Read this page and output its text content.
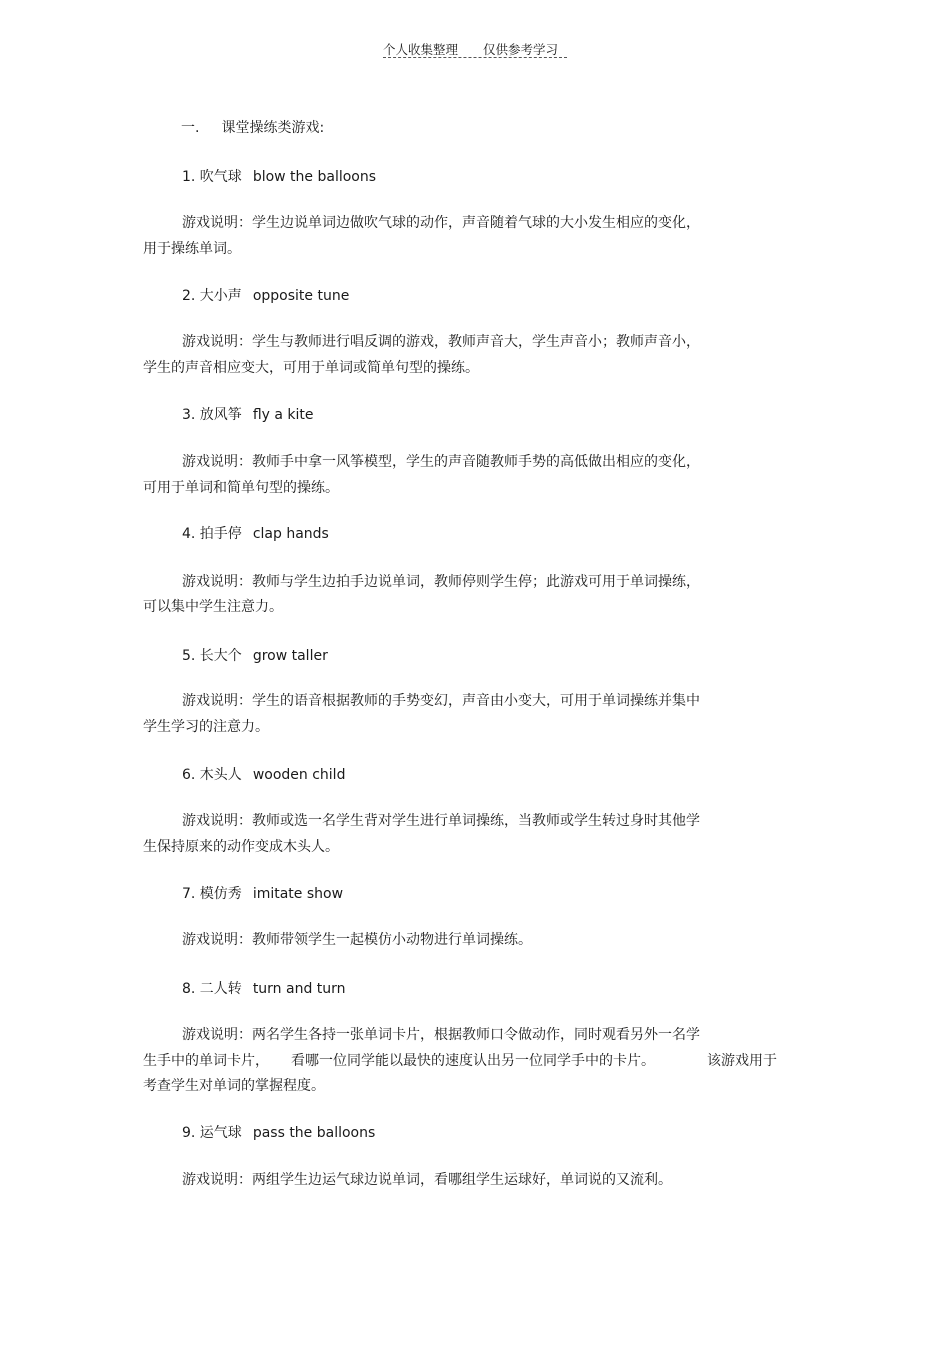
个人收集整理 仅供参考学习
一. 课堂操练类游戏:
1. 吹气球 blow the balloons
游戏说明：学生边说单词边做吹气球的动作，声音随着气球的大小发生相应的变化，
用于操练单词。
2. 大小声 opposite tune
游戏说明：学生与教师进行唱反调的游戏，教师声音大，学生声音小；教师声音小，
学生的声音相应变大，可用于单词或简单句型的操练。
3. 放风筝 fly a kite
游戏说明：教师手中拿一风筝模型，学生的声音随教师手势的高低做出相应的变化，
可用于单词和简单句型的操练。
4. 拍手停 clap hands
游戏说明：教师与学生边拍手边说单词，教师停则学生停；此游戏可用于单词操练，
可以集中学生注意力。
5. 长大个 grow taller
游戏说明：学生的语音根据教师的手势变幻，声音由小变大，可用于单词操练并集中
学生学习的注意力。
6. 木头人 wooden child
游戏说明：教师或选一名学生背对学生进行单词操练，当教师或学生转过身时其他学
生保持原来的动作变成木头人。
7. 模仿秀 imitate show
游戏说明：教师带领学生一起模仿小动物进行单词操练。
8. 二人转 turn and turn
游戏说明：两名学生各持一张单词卡片，根据教师口令做动作，同时观看另外一名学
生手中的单词卡片， 看哪一位同学能以最快的速度认出另一位同学手中的卡片。	该游戏用于
考查学生对单词的掌握程度。
9. 运气球 pass the balloons
游戏说明：两组学生边运气球边说单词，看哪组学生运球好，单词说的又流利。
